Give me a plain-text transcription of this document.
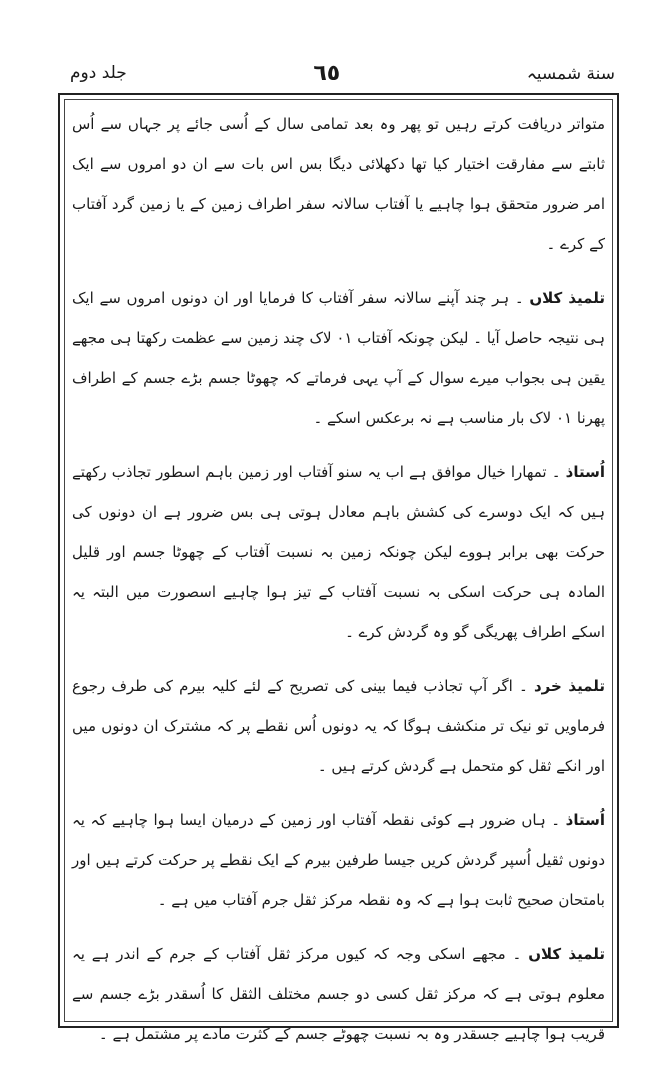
جلد دوم	٦٥	سنة شمسیہ

متواتر دریافت کرتے رہیں تو پھر وہ بعد تمامی سال کے اُسی جائے پر جہاں سے اُس ثابتے سے مفارقت اختیار کیا تھا دکھلائی دیگا بس اس بات سے ان دو امروں سے ایک امر ضرور متحقق ہوا چاہیے یا آفتاب سالانہ سفر اطراف زمین کے یا زمین گرد آفتاب کے کرے ۔

تلمیذ کلاں ۔ ہر چند آپنے سالانہ سفر آفتاب کا فرمایا اور ان دونوں امروں سے ایک ہی نتیجہ حاصل آیا ۔ لیکن چونکہ آفتاب ۰۱ لاک چند زمین سے عظمت رکھتا ہی مجھے یقین ہی بجواب میرے سوال کے آپ یہی فرماتے کہ چھوٹا جسم بڑے جسم کے اطراف پھرنا ۰۱ لاک بار مناسب ہے نہ برعکس اسکے ۔

اُستاذ ۔ تمھارا خیال موافق ہے اب یہ سنو آفتاب اور زمین باہم اسطور تجاذب رکھتے ہیں کہ ایک دوسرے کی کشش باہم معادل ہوتی ہی بس ضرور ہے ان دونوں کی حرکت بھی برابر ہووے لیکن چونکہ زمین بہ نسبت آفتاب کے چھوٹا جسم اور قلیل المادہ ہی حرکت اسکی بہ نسبت آفتاب کے تیز ہوا چاہیے اسصورت میں البتہ یہ اسکے اطراف پھریگی گو وہ گردش کرے ۔

تلمیذ خرد ۔ اگر آپ تجاذب فیما بینی کی تصریح کے لئے کلیہ بیرم کی طرف رجوع فرماویں تو نیک تر منکشف ہوگا کہ یہ دونوں اُس نقطے پر کہ مشترک ان دونوں میں اور انکے ثقل کو متحمل ہے گردش کرتے ہیں ۔

اُستاذ ۔ ہاں ضرور ہے کوئی نقطہ آفتاب اور زمین کے درمیان ایسا ہوا چاہیے کہ یہ دونوں ثقیل اُسپر گردش کریں جیسا طرفین بیرم کے ایک نقطے پر حرکت کرتے ہیں اور بامتحان صحیح ثابت ہوا ہے کہ وہ نقطہ مرکز ثقل جرم آفتاب میں ہے ۔

تلمیذ کلاں ۔ مجھے اسکی وجہ کہ کیوں مرکز ثقل آفتاب کے جرم کے اندر ہے یہ معلوم ہوتی ہے کہ مرکز ثقل کسی دو جسم مختلف الثقل کا اُسقدر بڑے جسم سے قریب ہوا چاہیے جسقدر وہ بہ نسبت چھوٹے جسم کے کثرت مادے پر مشتمل ہے ۔
